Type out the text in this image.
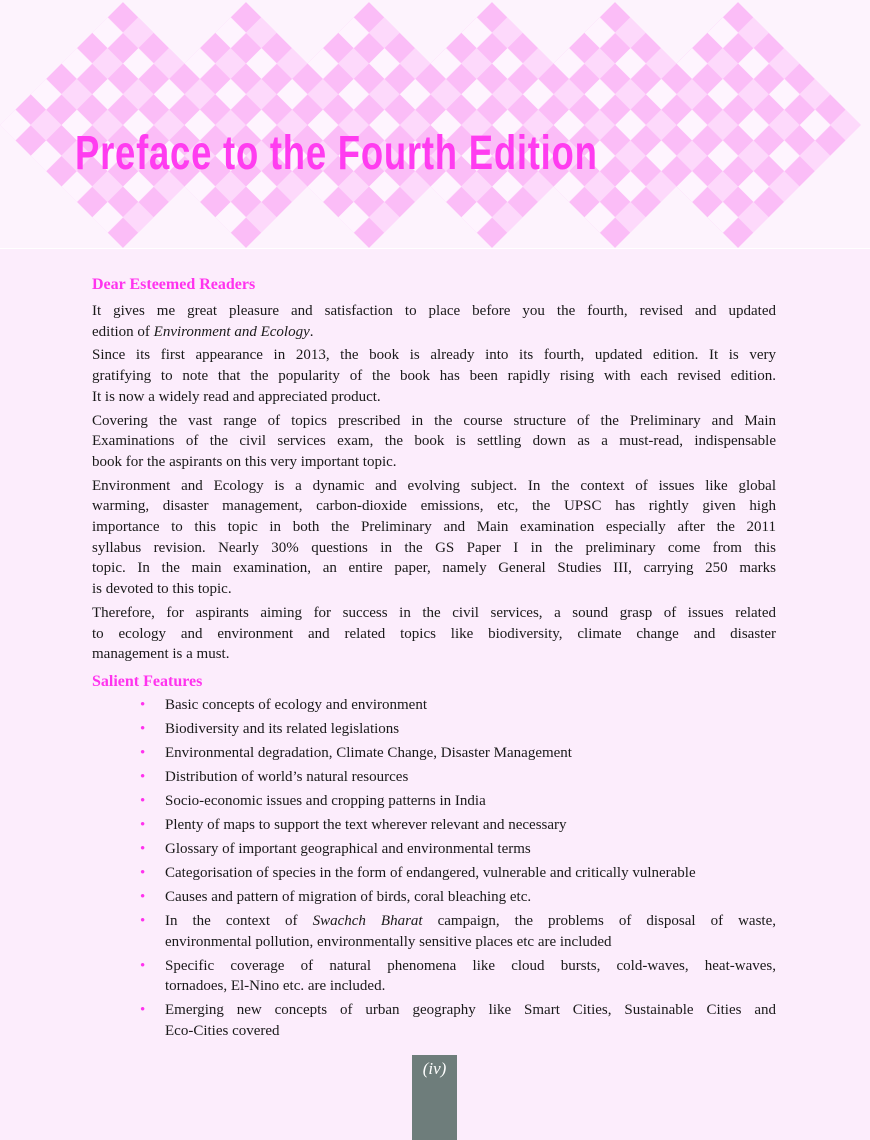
Preface to the Fourth Edition
Dear Esteemed Readers
It gives me great pleasure and satisfaction to place before you the fourth, revised and updated
edition of Environment and Ecology.
Since its first appearance in 2013, the book is already into its fourth, updated edition. It is very
gratifying to note that the popularity of the book has been rapidly rising with each revised edition.
It is now a widely read and appreciated product.
Covering the vast range of topics prescribed in the course structure of the Preliminary and Main
Examinations of the civil services exam, the book is settling down as a must-read, indispensable
book for the aspirants on this very important topic.
Environment and Ecology is a dynamic and evolving subject. In the context of issues like global
warming, disaster management, carbon-dioxide emissions, etc, the UPSC has rightly given high
importance to this topic in both the Preliminary and Main examination especially after the 2011
syllabus revision. Nearly 30% questions in the GS Paper I in the preliminary come from this
topic. In the main examination, an entire paper, namely General Studies III, carrying 250 marks
is devoted to this topic.
Therefore, for aspirants aiming for success in the civil services, a sound grasp of issues related
to ecology and environment and related topics like biodiversity, climate change and disaster
management is a must.
Salient Features
• Basic concepts of ecology and environment
• Biodiversity and its related legislations
• Environmental degradation, Climate Change, Disaster Management
• Distribution of world’s natural resources
• Socio-economic issues and cropping patterns in India
• Plenty of maps to support the text wherever relevant and necessary
• Glossary of important geographical and environmental terms
• Categorisation of species in the form of endangered, vulnerable and critically vulnerable
• Causes and pattern of migration of birds, coral bleaching etc.
• In the context of Swachch Bharat campaign, the problems of disposal of waste,
environmental pollution, environmentally sensitive places etc are included
• Specific coverage of natural phenomena like cloud bursts, cold-waves, heat-waves,
tornadoes, El-Nino etc. are included.
• Emerging new concepts of urban geography like Smart Cities, Sustainable Cities and
Eco-Cities covered
(iv)
